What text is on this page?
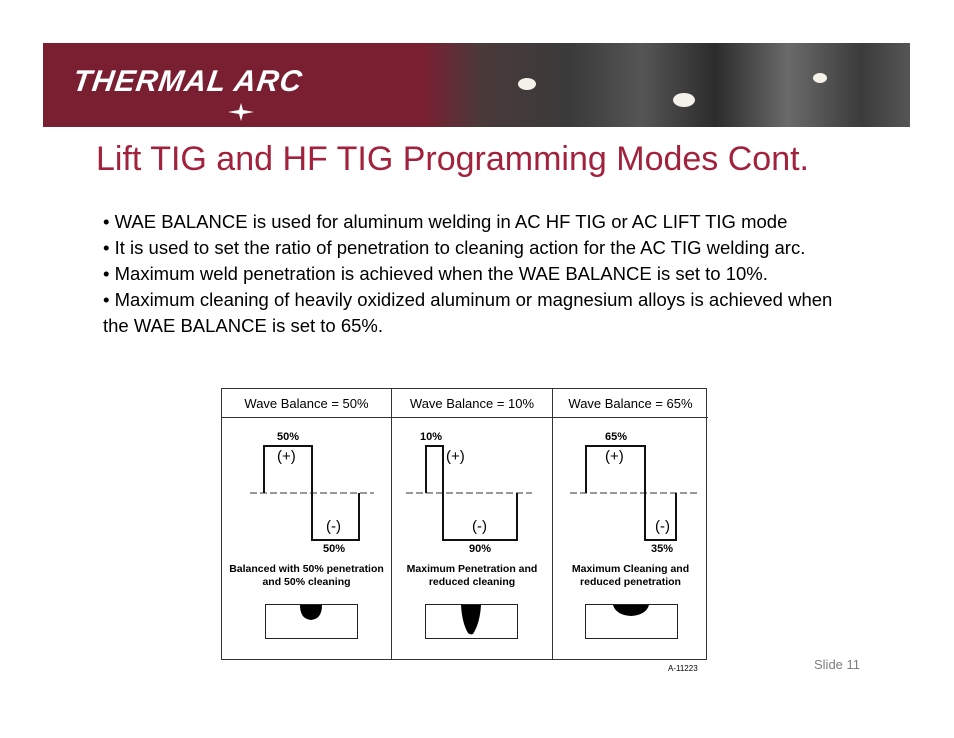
THERMAL ARC
Lift TIG and HF TIG Programming Modes Cont.

• WAE BALANCE is used for aluminum welding in AC HF TIG or AC LIFT TIG mode

• It is used to set the ratio of penetration to cleaning action for the AC TIG welding arc.

• Maximum weld penetration is achieved when the WAE BALANCE is set to 10%.

• Maximum cleaning of heavily oxidized aluminum or magnesium alloys is achieved when the WAE BALANCE is set to 65%.

Wave Balance = 50%
50%
(+)
(-)
50%
Balanced with 50% penetration
and 50% cleaning
Wave Balance = 10%
10%
(+)
(-)
90%
Maximum Penetration and
reduced cleaning
Wave Balance = 65%
65%
(+)
(-)
35%
Maximum Cleaning and
reduced penetration
A-11223	Slide 11
